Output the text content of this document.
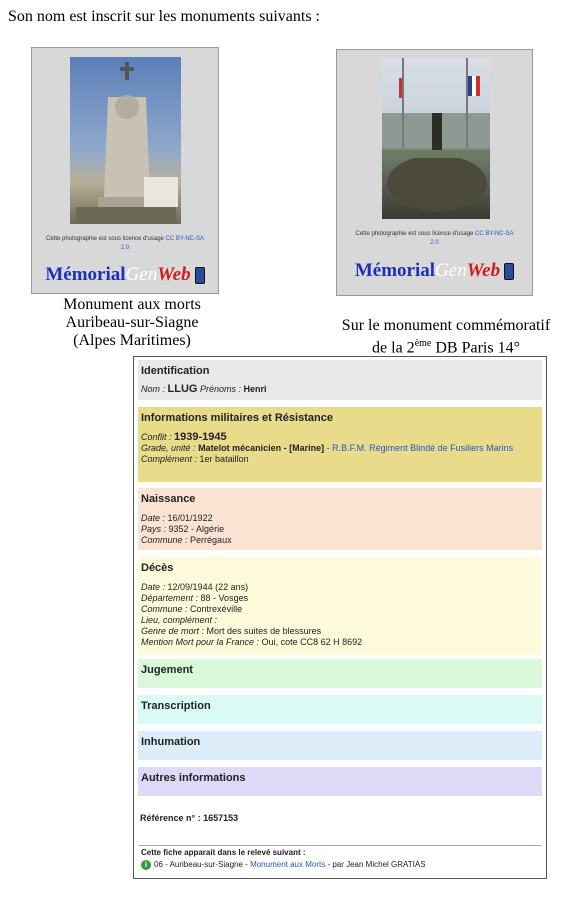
Son nom est inscrit sur les monuments suivants :
Cette photographie est sous licence d'usage CC BY-NC-SA
2.0
MémorialGenWeb
Monument aux morts
Auribeau-sur-Siagne
(Alpes Maritimes)
Cette photographie est sous licence d'usage CC BY-NC-SA
2.0
MémorialGenWeb
Sur le monument commémoratif
de la 2ème DB Paris 14°
Identification
Nom : LLUG Prénoms : Henri
Informations militaires et Résistance
Conflit : 1939-1945
Grade, unité : Matelot mécanicien - [Marine] - R.B.F.M. Régiment Blindé de Fusiliers Marins
Complément : 1er bataillon
Naissance
Date : 16/01/1922
Pays : 9352 - Algérie
Commune : Perrégaux
Décès
Date : 12/09/1944 (22 ans)
Département : 88 - Vosges
Commune : Contrexéville
Lieu, complément :
Genre de mort : Mort des suites de blessures
Mention Mort pour la France : Oui, cote CC8 62 H 8692
Jugement
Transcription
Inhumation
Autres informations
Référence n° : 1657153
Cette fiche apparait dans le relevé suivant :
i 06 - Auribeau-sur-Siagne - Monument aux Morts - par Jean Michel GRATIAS
